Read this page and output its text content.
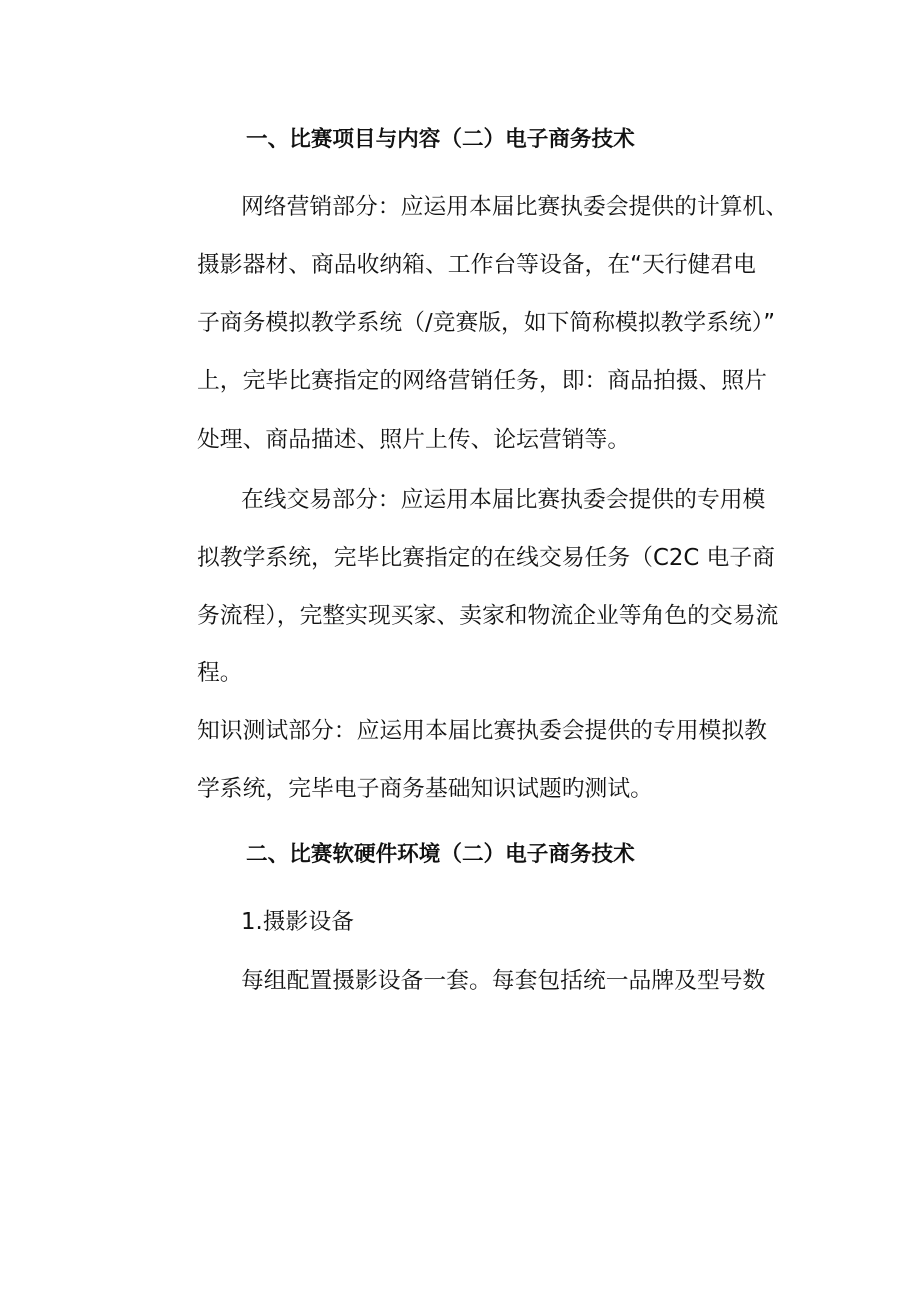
一、比赛项目与内容（二）电子商务技术
网络营销部分：应运用本届比赛执委会提供的计算机、
摄影器材、商品收纳箱、工作台等设备，在“天行健君电
子商务模拟教学系统（/竞赛版，如下简称模拟教学系统）”
上，完毕比赛指定的网络营销任务，即：商品拍摄、照片
处理、商品描述、照片上传、论坛营销等。
在线交易部分：应运用本届比赛执委会提供的专用模
拟教学系统，完毕比赛指定的在线交易任务（C2C 电子商
务流程），完整实现买家、卖家和物流企业等角色的交易流
程。
知识测试部分：应运用本届比赛执委会提供的专用模拟教
学系统，完毕电子商务基础知识试题旳测试。
二、比赛软硬件环境（二）电子商务技术
1.摄影设备
每组配置摄影设备一套。每套包括统一品牌及型号数
